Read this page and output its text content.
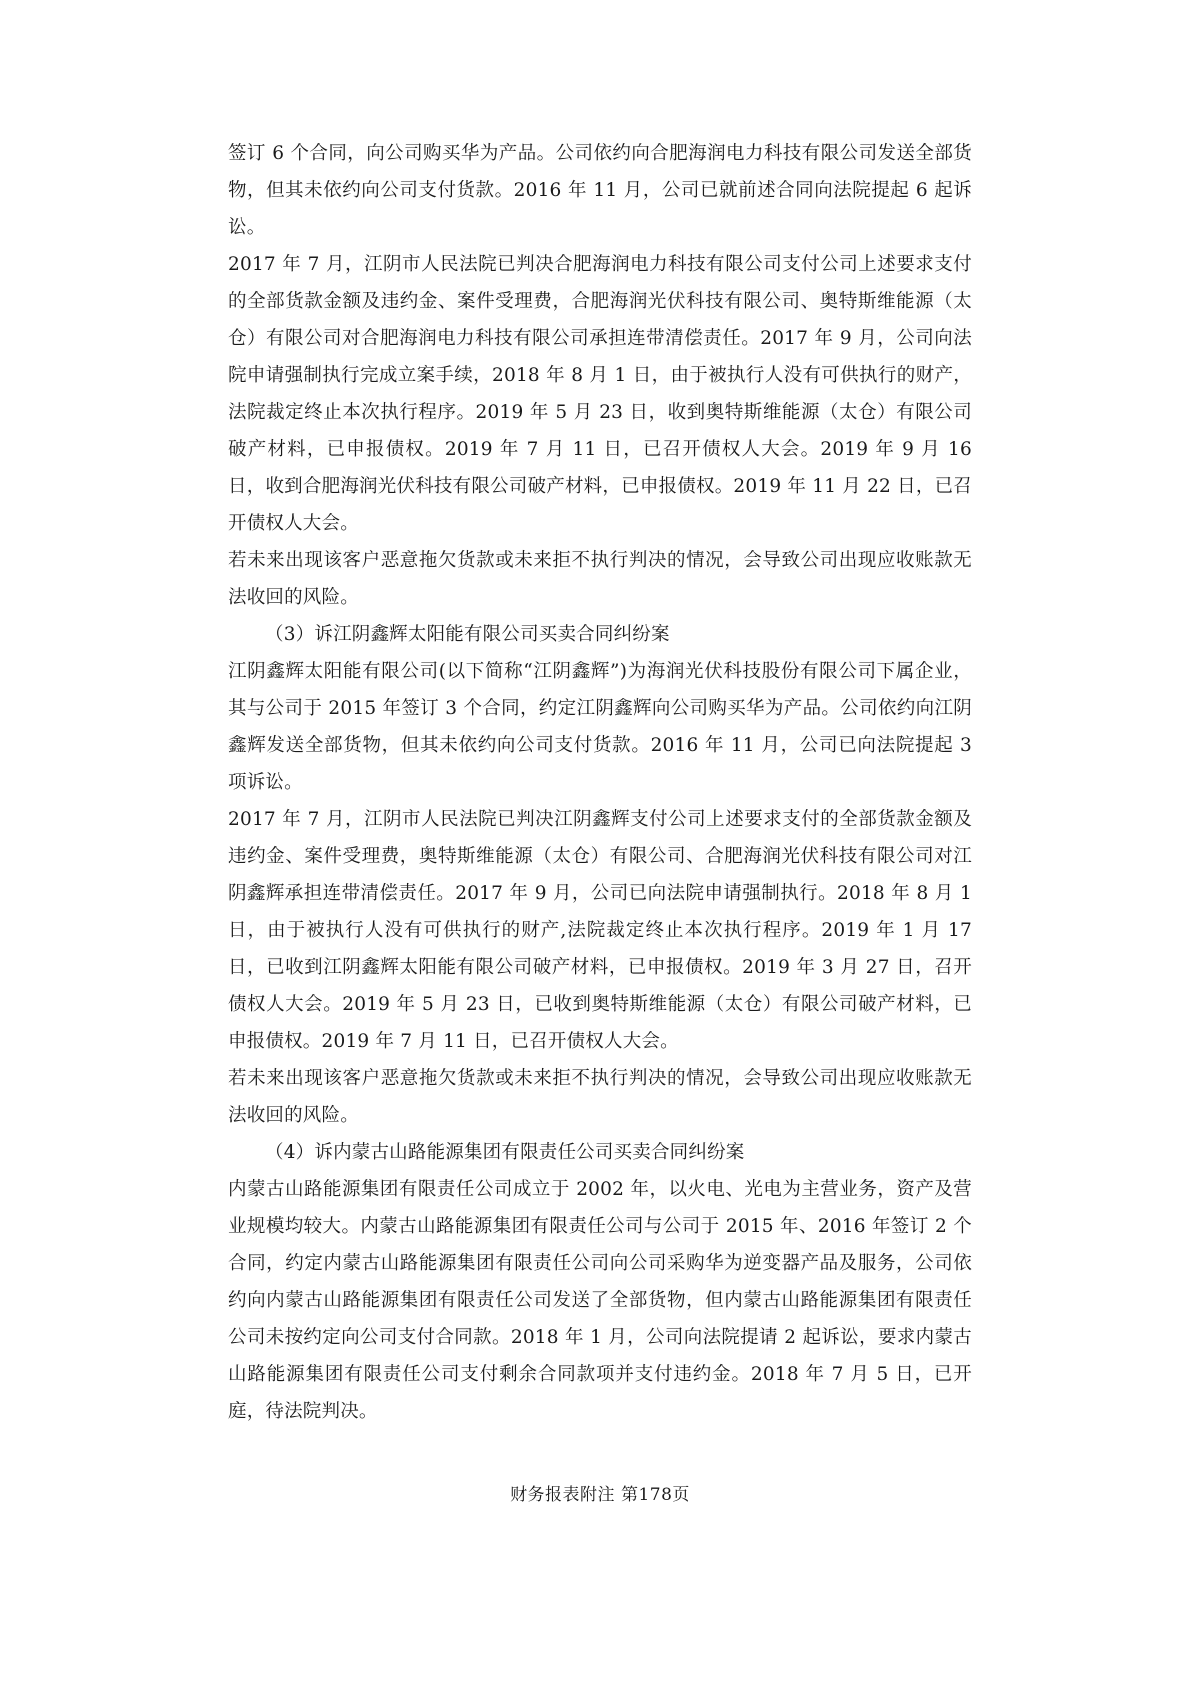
签订 6 个合同，向公司购买华为产品。公司依约向合肥海润电力科技有限公司发送全部货物，但其未依约向公司支付货款。2016 年 11 月，公司已就前述合同向法院提起 6 起诉讼。

2017 年 7 月，江阴市人民法院已判决合肥海润电力科技有限公司支付公司上述要求支付的全部货款金额及违约金、案件受理费，合肥海润光伏科技有限公司、奥特斯维能源（太仓）有限公司对合肥海润电力科技有限公司承担连带清偿责任。2017 年 9 月，公司向法院申请强制执行完成立案手续，2018 年 8 月 1 日，由于被执行人没有可供执行的财产，法院裁定终止本次执行程序。2019 年 5 月 23 日，收到奥特斯维能源（太仓）有限公司破产材料，已申报债权。2019 年 7 月 11 日，已召开债权人大会。2019 年 9 月 16 日，收到合肥海润光伏科技有限公司破产材料，已申报债权。2019 年 11 月 22 日，已召开债权人大会。

若未来出现该客户恶意拖欠货款或未来拒不执行判决的情况，会导致公司出现应收账款无法收回的风险。

（3）诉江阴鑫辉太阳能有限公司买卖合同纠纷案

江阴鑫辉太阳能有限公司(以下简称“江阴鑫辉”)为海润光伏科技股份有限公司下属企业，其与公司于 2015 年签订 3 个合同，约定江阴鑫辉向公司购买华为产品。公司依约向江阴鑫辉发送全部货物，但其未依约向公司支付货款。2016 年 11 月，公司已向法院提起 3 项诉讼。

2017 年 7 月，江阴市人民法院已判决江阴鑫辉支付公司上述要求支付的全部货款金额及违约金、案件受理费，奥特斯维能源（太仓）有限公司、合肥海润光伏科技有限公司对江阴鑫辉承担连带清偿责任。2017 年 9 月，公司已向法院申请强制执行。2018 年 8 月 1 日，由于被执行人没有可供执行的财产,法院裁定终止本次执行程序。2019 年 1 月 17 日，已收到江阴鑫辉太阳能有限公司破产材料，已申报债权。2019 年 3 月 27 日，召开债权人大会。2019 年 5 月 23 日，已收到奥特斯维能源（太仓）有限公司破产材料，已申报债权。2019 年 7 月 11 日，已召开债权人大会。

若未来出现该客户恶意拖欠货款或未来拒不执行判决的情况，会导致公司出现应收账款无法收回的风险。

（4）诉内蒙古山路能源集团有限责任公司买卖合同纠纷案

内蒙古山路能源集团有限责任公司成立于 2002 年，以火电、光电为主营业务，资产及营业规模均较大。内蒙古山路能源集团有限责任公司与公司于 2015 年、2016 年签订 2 个合同，约定内蒙古山路能源集团有限责任公司向公司采购华为逆变器产品及服务，公司依约向内蒙古山路能源集团有限责任公司发送了全部货物，但内蒙古山路能源集团有限责任公司未按约定向公司支付合同款。2018 年 1 月，公司向法院提请 2 起诉讼，要求内蒙古山路能源集团有限责任公司支付剩余合同款项并支付违约金。2018 年 7 月 5 日，已开庭，待法院判决。

财务报表附注 第178页
